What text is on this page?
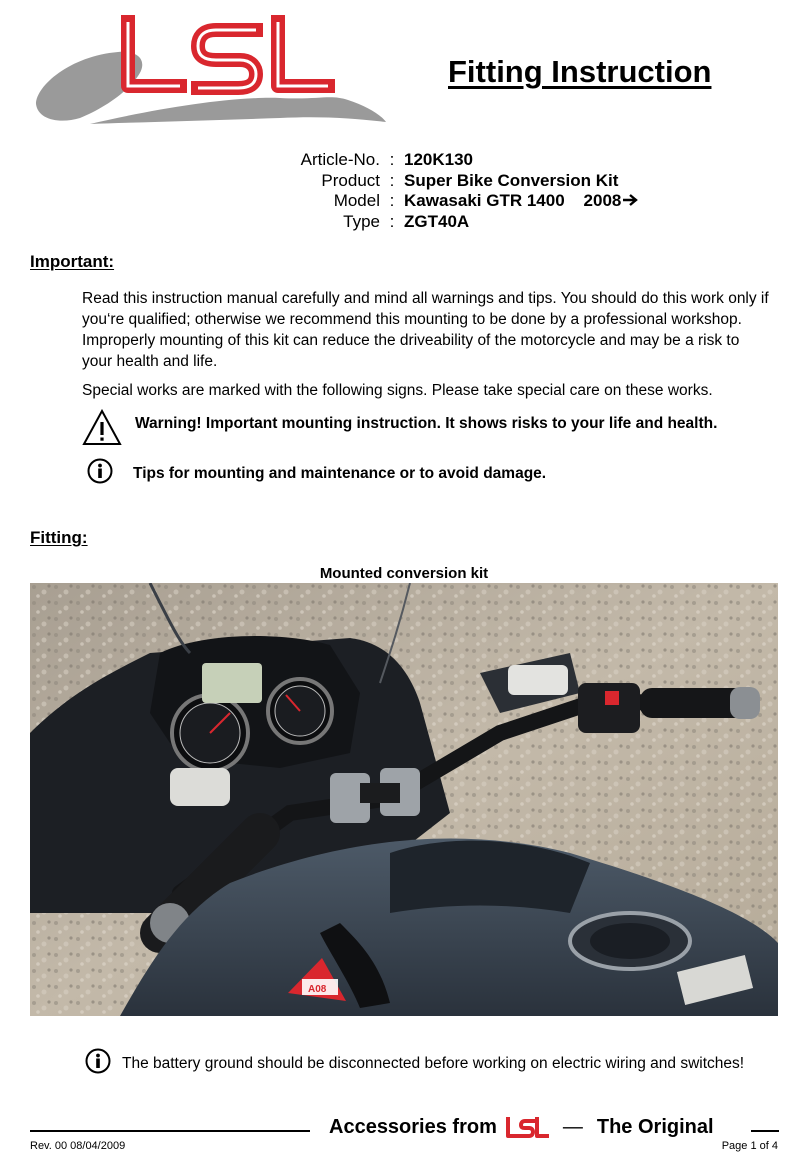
Fitting Instruction
Article-No. : 120K130
Product : Super Bike Conversion Kit
Model : Kawasaki GTR 1400    2008
Type : ZGT40A
Important:
Read this instruction manual carefully and mind all warnings and tips. You should do this work only if you‘re qualified; otherwise we recommend this mounting to be done by a professional workshop. Improperly mounting of this kit can reduce the driveability of the motorcycle and may be a risk to your health and life.
Special works are marked with the following signs. Please take special care on these works.
Warning! Important mounting instruction. It shows risks to your life and health.
Tips for mounting and maintenance or to avoid damage.
Fitting:
Mounted conversion kit
A08
The battery ground should be disconnected before working on electric wiring and switches!
Accessories from	— The Original
Rev. 00 08/04/2009	Page 1 of 4
